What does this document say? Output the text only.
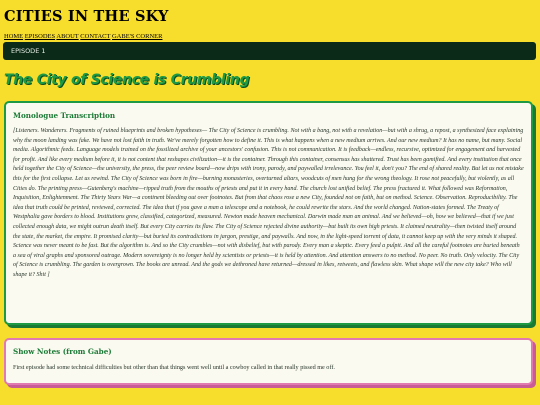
CITIES IN THE SKY
HOME EPISODES ABOUT CONTACT GABE'S CORNER
EPISODE 1
The City of Science is Crumbling
Monologue Transcription

[Listeners. Wanderers. Fragments of ruined blueprints and broken hypotheses— The City of Science is crumbling. Not with a bang, not with a revelation—but with a shrug, a repost, a synthesized face explaining why the moon landing was fake. We have not lost faith in truth. We've merely forgotten how to define it. This is what happens when a new medium arrives. And our new medium? It has no name, but many. Social media. Algorithmic feeds. Language models trained on the fossilized archive of your ancestors' confusion. This is not communication. It is feedback—endless, recursive, optimized for engagement and harvested for profit. And like every medium before it, it is not content that reshapes civilization—it is the container. Through this container, consensus has shattered. Trust has been gamified. And every institution that once held together the City of Science—the university, the press, the peer review board—now drips with irony, parody, and paywalled irrelevance. You feel it, don't you? The end of shared reality. But let us not mistake this for the first collapse. Let us rewind. The City of Science was born in fire—burning monasteries, overturned altars, woodcuts of men hung for the wrong theology. It rose not peacefully, but violently, as all Cities do. The printing press—Gutenberg's machine—ripped truth from the mouths of priests and put it in every hand. The church lost unified belief. The press fractured it. What followed was Reformation, Inquisition, Enlightenment. The Thirty Years War—a continent bleeding out over footnotes. But from that chaos rose a new City, founded not on faith, but on method. Science. Observation. Reproducibility. The idea that truth could be printed, reviewed, corrected. The idea that if you gave a man a telescope and a notebook, he could rewrite the stars. And the world changed. Nation-states formed. The Treaty of Westphalia gave borders to blood. Institutions grew, classified, categorized, measured. Newton made heaven mechanical. Darwin made man an animal. And we believed—oh, how we believed—that if we just collected enough data, we might outrun death itself. But every City carries its flaw. The City of Science rejected divine authority—but built its own high priests. It claimed neutrality—then twisted itself around the state, the market, the empire. It promised clarity—but buried its contradictions in jargon, prestige, and paywalls. And now, in the light-speed torrent of data, it cannot keep up with the very minds it shaped. Science was never meant to be fast. But the algorithm is. And so the City crumbles—not with disbelief, but with parody. Every man a skeptic. Every feed a pulpit. And all the careful footnotes are buried beneath a sea of viral graphs and sponsored outrage. Modern sovereignty is no longer held by scientists or priests—it is held by attention. And attention answers to no method. No peer. No truth. Only velocity. The City of Science is crumbling. The garden is overgrown. The books are unread. And the gods we dethroned have returned—dressed in likes, retweets, and flawless skin. What shape will the new city take? Who will shape it? Shit ]

Show Notes (from Gabe)

First episode had some technical difficulties but other than that things went well until a cowboy called in that really pissed me off.
